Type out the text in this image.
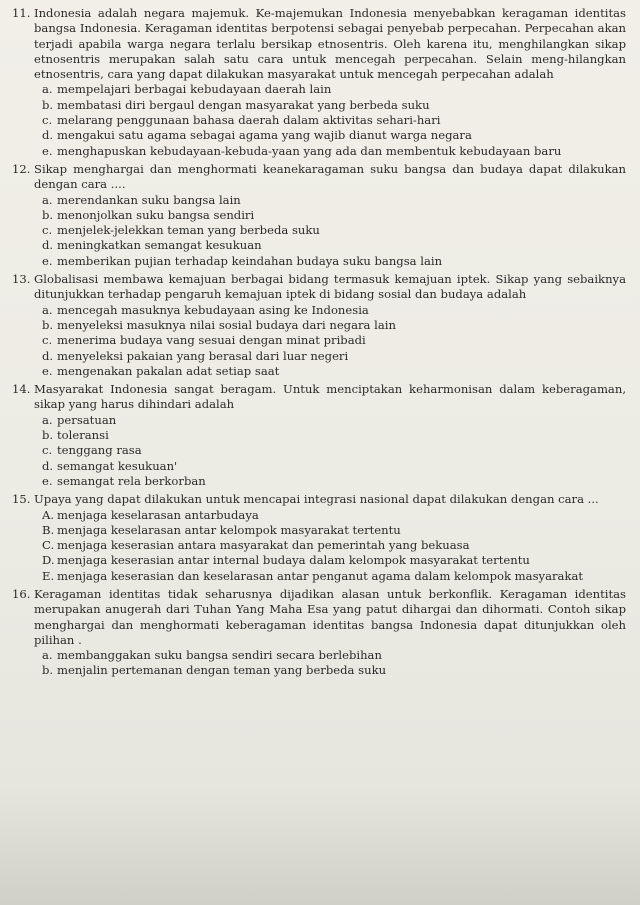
11. Indonesia adalah negara majemuk. Ke-majemukan Indonesia menyebabkan keragaman identitas bangsa Indonesia. Keragaman identitas berpotensi sebagai penyebab perpecahan. Perpecahan akan terjadi apabila warga negara terlalu bersikap etnosentris. Oleh karena itu, menghilangkan sikap etnosentris merupakan salah satu cara untuk mencegah perpecahan. Selain meng-hilangkan etnosentris, cara yang dapat dilakukan masyarakat untuk mencegah perpecahan adalah

a. mempelajari berbagai kebudayaan daerah lain
b. membatasi diri bergaul dengan masyarakat yang berbeda suku
c. melarang penggunaan bahasa daerah dalam aktivitas sehari-hari
d. mengakui satu agama sebagai agama yang wajib dianut warga negara
e. menghapuskan kebudayaan-kebuda-yaan yang ada dan membentuk kebudayaan baru

12. Sikap menghargai dan menghormati keanekaragaman suku bangsa dan budaya dapat dilakukan dengan cara ....

a. merendankan suku bangsa lain
b. menonjolkan suku bangsa sendiri
c. menjelek-jelekkan teman yang berbeda suku
d. meningkatkan semangat kesukuan
e. memberikan pujian terhadap keindahan budaya suku bangsa lain

13. Globalisasi membawa kemajuan berbagai bidang termasuk kemajuan iptek. Sikap yang sebaiknya ditunjukkan terhadap pengaruh kemajuan iptek di bidang sosial dan budaya adalah

a. mencegah masuknya kebudayaan asing ke Indonesia
b. menyeleksi masuknya nilai sosial budaya dari negara lain
c. menerima budaya vang sesuai dengan minat pribadi
d. menyeleksi pakaian yang berasal dari luar negeri
e. mengenakan pakalan adat setiap saat

14. Masyarakat Indonesia sangat beragam. Untuk menciptakan keharmonisan dalam keberagaman, sikap yang harus dihindari adalah

a. persatuan
b. toleransi
c. tenggang rasa
d. semangat kesukuan'
e. semangat rela berkorban

15. Upaya yang dapat dilakukan untuk mencapai integrasi nasional dapat dilakukan dengan cara ...

A. menjaga keselarasan antarbudaya
B. menjaga keselarasan antar kelompok masyarakat tertentu
C. menjaga keserasian antara masyarakat dan pemerintah yang bekuasa
D. menjaga keserasian antar internal budaya dalam kelompok masyarakat tertentu
E. menjaga keserasian dan keselarasan antar penganut agama dalam kelompok masyarakat

16. Keragaman identitas tidak seharusnya dijadikan alasan untuk berkonflik. Keragaman identitas merupakan anugerah dari Tuhan Yang Maha Esa yang patut dihargai dan dihormati. Contoh sikap menghargai dan menghormati keberagaman identitas bangsa Indonesia dapat ditunjukkan oleh pilihan .

a. membanggakan suku bangsa sendiri secara berlebihan
b. menjalin pertemanan dengan teman yang berbeda suku
